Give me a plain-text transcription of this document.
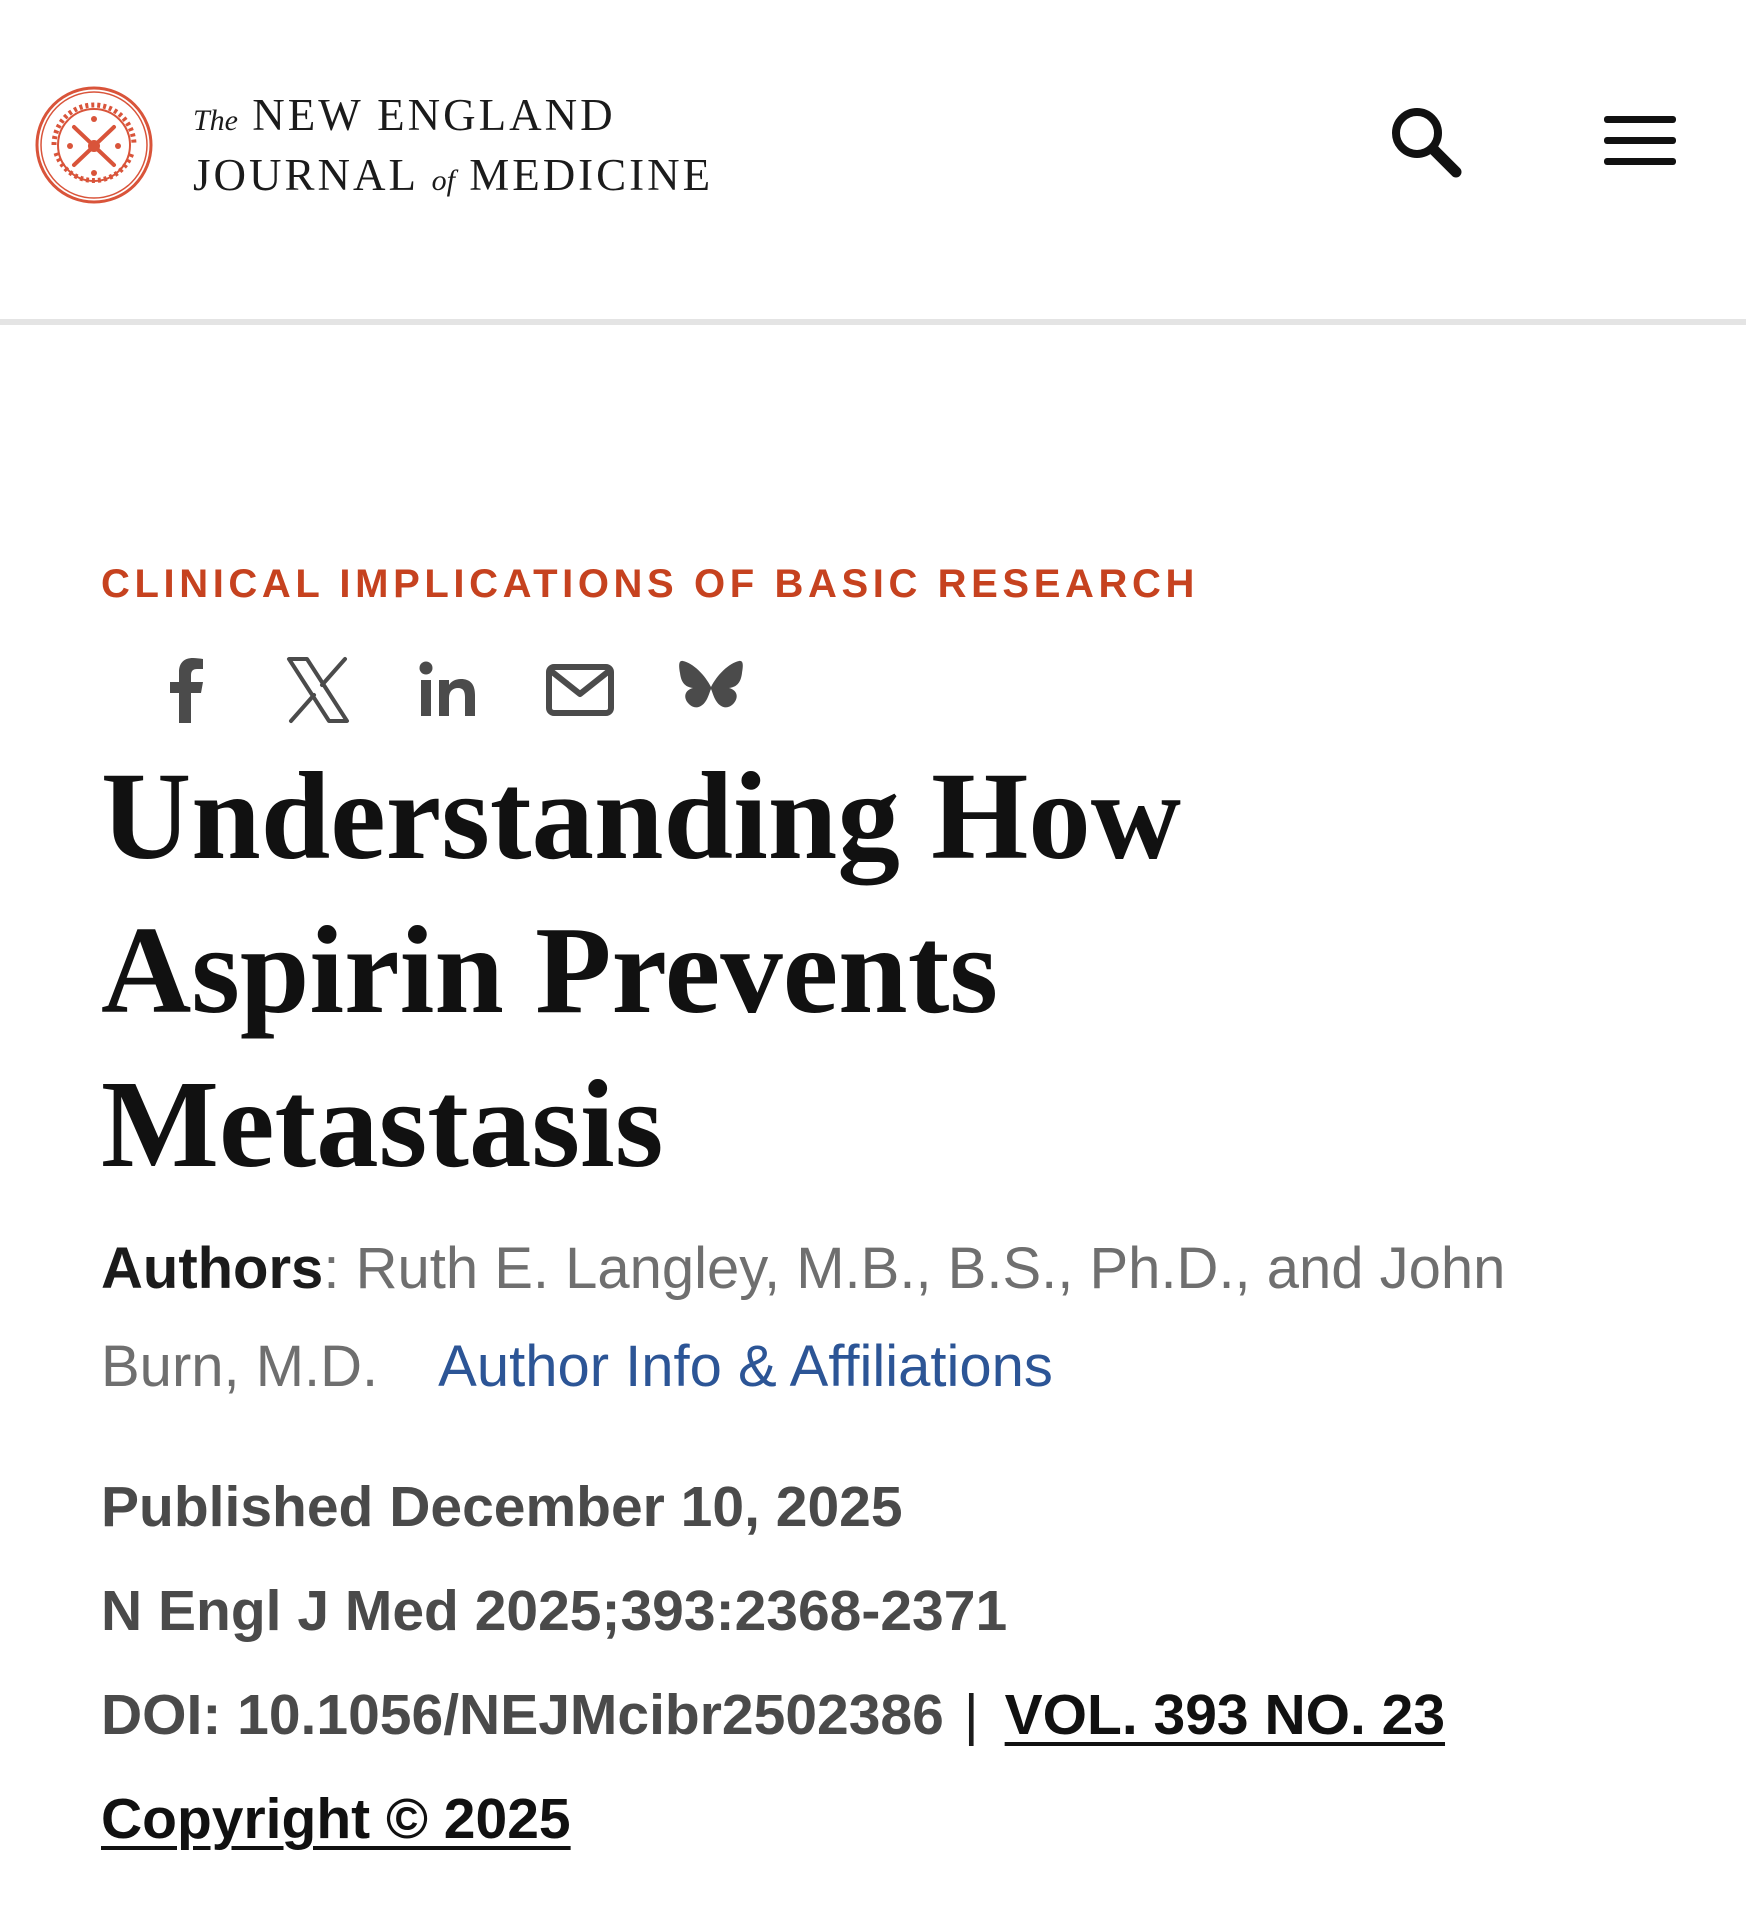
The NEW ENGLAND
JOURNAL of MEDICINE
CLINICAL IMPLICATIONS OF BASIC RESEARCH
Understanding How Aspirin Prevents Metastasis
Authors: Ruth E. Langley, M.B., B.S., Ph.D., and John Burn, M.D. Author Info & Affiliations
Published December 10, 2025
N Engl J Med 2025;393:2368-2371
DOI: 10.1056/NEJMcibr2502386 | VOL. 393 NO. 23
Copyright © 2025
